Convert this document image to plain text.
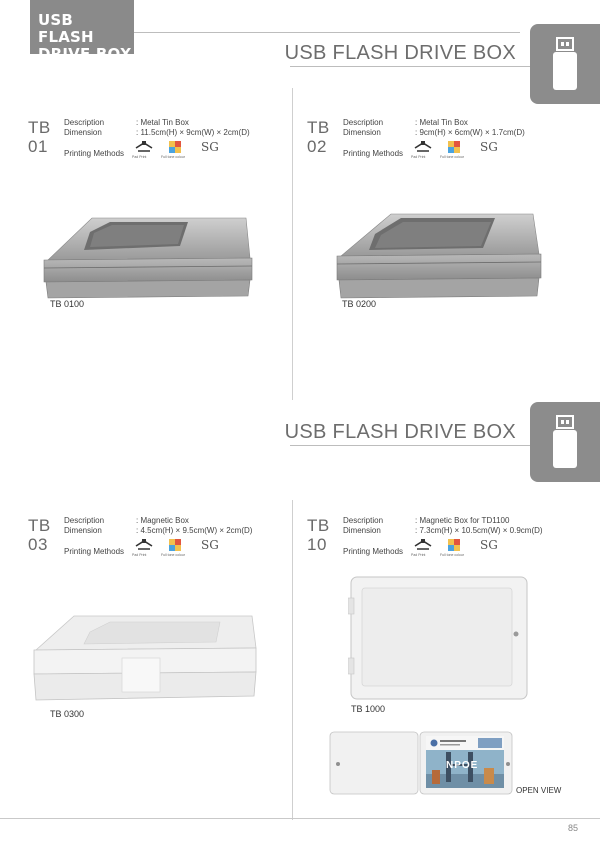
USB FLASH
DRIVE BOX	USB FLASH DRIVE BOX
TB
01
Description	: Metal Tin Box
Dimension	: 11.5cm(H) × 9cm(W) × 2cm(D)
Printing Methods Pad Print	Full tone colour
SG
TB 0100
TB
02
Description	: Metal Tin Box
Dimension	: 9cm(H) × 6cm(W) × 1.7cm(D)
Printing Methods Pad Print	Full tone colour
SG
TB 0200
USB FLASH DRIVE BOX
TB
03
Description	: Magnetic Box
Dimension	: 4.5cm(H) × 9.5cm(W) × 2cm(D)
Printing Methods Pad Print	Full tone colour
SG
TB 0300
TB
10
Description	: Magnetic Box for TD1100
Dimension	: 7.3cm(H) × 10.5cm(W) × 0.9cm(D)
Printing Methods Pad Print	Full tone colour
SG
TB 1000
NPOE
OPEN VIEW
85
